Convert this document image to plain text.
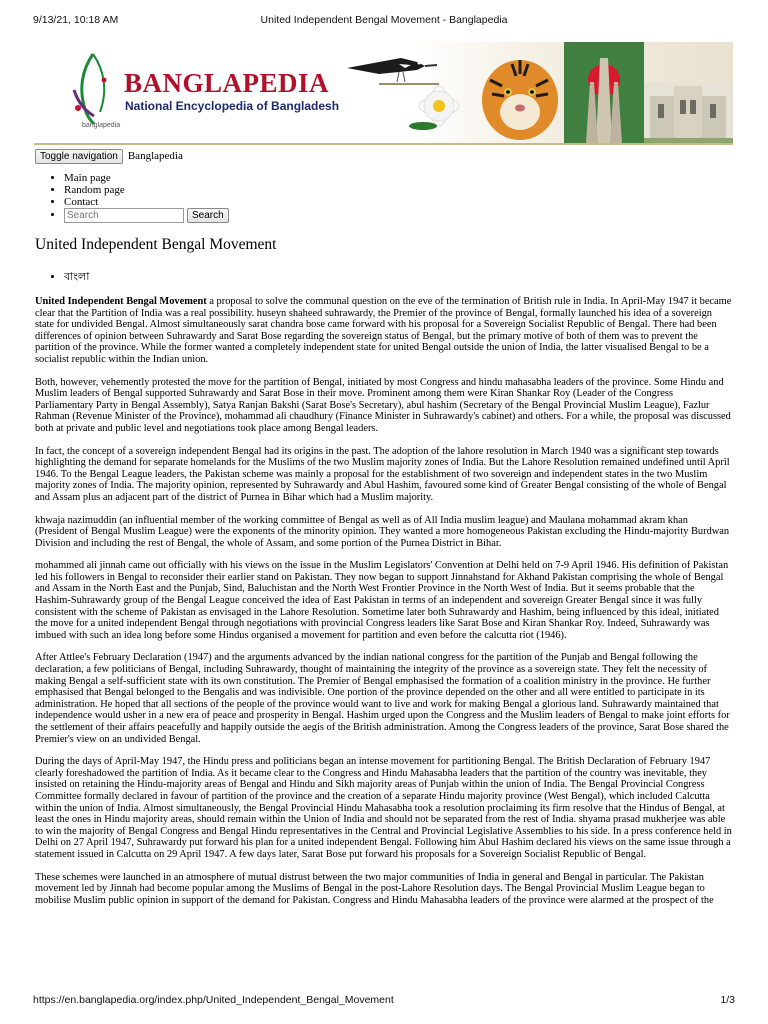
9/13/21, 10:18 AM	United Independent Bengal Movement - Banglapedia
BANGLAPEDIA
National Encyclopedia of Bangladesh
banglapedia
Toggle navigation Banglapedia
• Main page
• Random page
• Contact
Search
• Search
United Independent Bengal Movement
• বাংলা

United Independent Bengal Movement a proposal to solve the communal question on the eve of the termination of British rule in India. In April-May 1947 it became clear that the Partition of India was a real possibility. huseyn shaheed suhrawardy, the Premier of the province of Bengal, formally launched his idea of a sovereign state for undivided Bengal. Almost simultaneously sarat chandra bose came forward with his proposal for a Sovereign Socialist Republic of Bengal. There had been differences of opinion between Suhrawardy and Sarat Bose regarding the sovereign status of Bengal, but the primary motive of both of them was to prevent the partition of the province. While the former wanted a completely independent state for united Bengal outside the union of India, the latter visualised Bengal to be a socialist republic within the Indian union.

Both, however, vehemently protested the move for the partition of Bengal, initiated by most Congress and hindu mahasabha leaders of the province. Some Hindu and Muslim leaders of Bengal supported Suhrawardy and Sarat Bose in their move. Prominent among them were Kiran Shankar Roy (Leader of the Congress Parliamentary Party in Bengal Assembly), Satya Ranjan Bakshi (Sarat Bose's Secretary), abul hashim (Secretary of the Bengal Provincial Muslim League), Fazlur Rahman (Revenue Minister of the Province), mohammad ali chaudhury (Finance Minister in Suhrawardy's cabinet) and others. For a while, the proposal was discussed both at private and public level and negotiations took place among Bengal leaders.

In fact, the concept of a sovereign independent Bengal had its origins in the past. The adoption of the lahore resolution in March 1940 was a significant step towards highlighting the demand for separate homelands for the Muslims of the two Muslim majority zones of India. But the Lahore Resolution remained undefined until April 1946. To the Bengal League leaders, the Pakistan scheme was mainly a proposal for the establishment of two sovereign and independent states in the two Muslim majority zones of India. The majority opinion, represented by Suhrawardy and Abul Hashim, favoured some kind of Greater Bengal consisting of the whole of Bengal and Assam plus an adjacent part of the district of Purnea in Bihar which had a Muslim majority.

khwaja nazimuddin (an influential member of the working committee of Bengal as well as of All India muslim league) and Maulana mohammad akram khan (President of Bengal Muslim League) were the exponents of the minority opinion. They wanted a more homogeneous Pakistan excluding the Hindu-majority Burdwan Division and including the rest of Bengal, the whole of Assam, and some portion of the Purnea District in Bihar.

mohammed ali jinnah came out officially with his views on the issue in the Muslim Legislators' Convention at Delhi held on 7-9 April 1946. His definition of Pakistan led his followers in Bengal to reconsider their earlier stand on Pakistan. They now began to support Jinnahstand for Akhand Pakistan comprising the whole of Bengal and Assam in the North East and the Punjab, Sind, Baluchistan and the North West Frontier Province in the North West of India. But it seems probable that the Hashim-Suhrawardy group of the Bengal League conceived the idea of East Pakistan in terms of an independent and sovereign Greater Bengal since it was fully consistent with the scheme of Pakistan as envisaged in the Lahore Resolution. Sometime later both Suhrawardy and Hashim, being influenced by this ideal, initiated the move for a united independent Bengal through negotiations with provincial Congress leaders like Sarat Bose and Kiran Shankar Roy. Indeed, Suhrawardy was imbued with such an idea long before some Hindus organised a movement for partition and even before the calcutta riot (1946).

After Attlee's February Declaration (1947) and the arguments advanced by the indian national congress for the partition of the Punjab and Bengal following the declaration, a few politicians of Bengal, including Suhrawardy, thought of maintaining the integrity of the province as a sovereign state. They felt the necessity of making Bengal a self-sufficient state with its own constitution. The Premier of Bengal emphasised the formation of a coalition ministry in the province. He further emphasised that Bengal belonged to the Bengalis and was indivisible. One portion of the province depended on the other and all were entitled to participate in its administration. He hoped that all sections of the people of the province would want to live and work for making Bengal a glorious land. Suhrawardy maintained that independence would usher in a new era of peace and prosperity in Bengal. Hashim urged upon the Congress and the Muslim leaders of Bengal to make joint efforts for the settlement of their affairs peacefully and happily outside the aegis of the British administration. Among the Congress leaders of the province, Sarat Bose shared the Premier's view on an undivided Bengal.

During the days of April-May 1947, the Hindu press and politicians began an intense movement for partitioning Bengal. The British Declaration of February 1947 clearly foreshadowed the partition of India. As it became clear to the Congress and Hindu Mahasabha leaders that the partition of the country was inevitable, they insisted on retaining the Hindu-majority areas of Bengal and Hindu and Sikh majority areas of Punjab within the union of India. The Bengal Provincial Congress Committee formally declared in favour of partition of the province and the creation of a separate Hindu majority province (West Bengal), which included Calcutta within the union of India. Almost simultaneously, the Bengal Provincial Hindu Mahasabha took a resolution proclaiming its firm resolve that the Hindus of Bengal, at least the ones in Hindu majority areas, should remain within the Union of India and should not be separated from the rest of India. shyama prasad mukherjee was able to win the majority of Bengal Congress and Bengal Hindu representatives in the Central and Provincial Legislative Assemblies to his side. In a press conference held in Delhi on 27 April 1947, Suhrawardy put forward his plan for a united independent Bengal. Following him Abul Hashim declared his views on the same issue through a statement issued in Calcutta on 29 April 1947. A few days later, Sarat Bose put forward his proposals for a Sovereign Socialist Republic of Bengal.

These schemes were launched in an atmosphere of mutual distrust between the two major communities of India in general and Bengal in particular. The Pakistan movement led by Jinnah had become popular among the Muslims of Bengal in the post-Lahore Resolution days. The Bengal Provincial Muslim League began to mobilise Muslim public opinion in support of the demand for Pakistan. Congress and Hindu Mahasabha leaders of the province were alarmed at the prospect of the

https://en.banglapedia.org/index.php/United_Independent_Bengal_Movement	1/3
